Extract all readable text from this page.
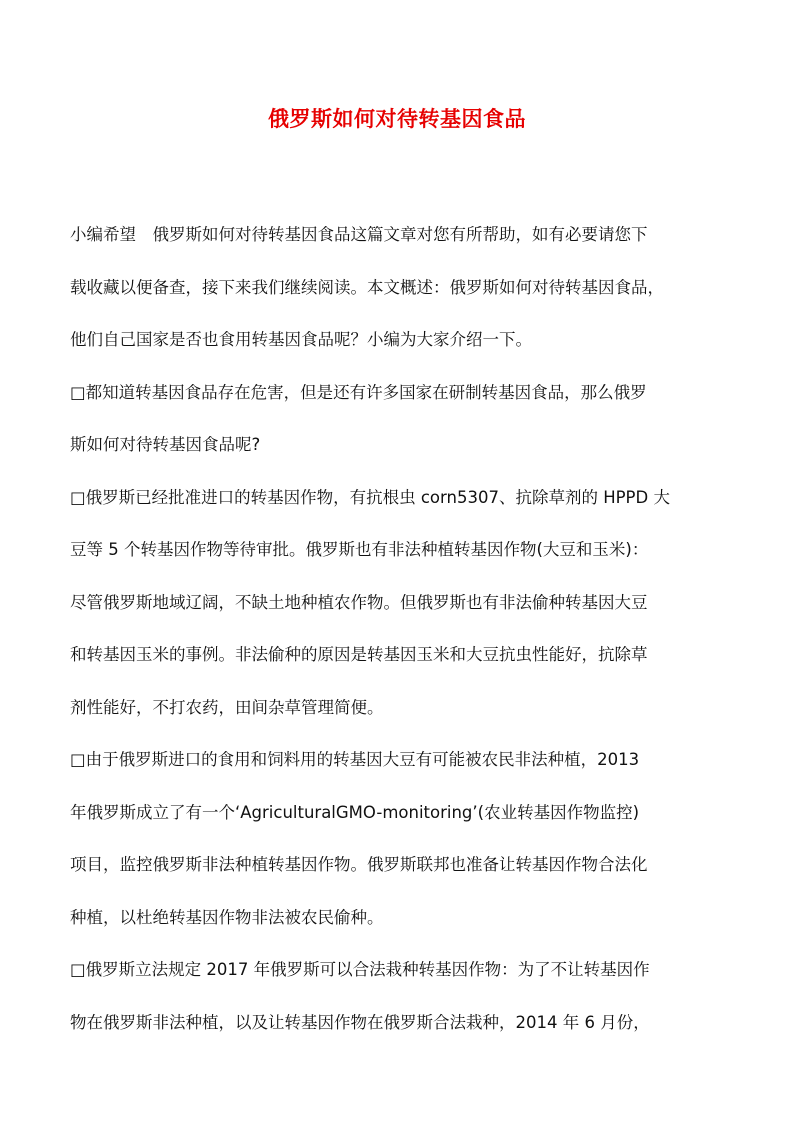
俄罗斯如何对待转基因食品
小编希望　俄罗斯如何对待转基因食品这篇文章对您有所帮助，如有必要请您下
载收藏以便备查，接下来我们继续阅读。本文概述：俄罗斯如何对待转基因食品，
他们自己国家是否也食用转基因食品呢？小编为大家介绍一下。
□都知道转基因食品存在危害，但是还有许多国家在研制转基因食品，那么俄罗
斯如何对待转基因食品呢?
□俄罗斯已经批准进口的转基因作物，有抗根虫 corn5307、抗除草剂的 HPPD 大
豆等 5 个转基因作物等待审批。俄罗斯也有非法种植转基因作物(大豆和玉米)：
尽管俄罗斯地域辽阔，不缺土地种植农作物。但俄罗斯也有非法偷种转基因大豆
和转基因玉米的事例。非法偷种的原因是转基因玉米和大豆抗虫性能好，抗除草
剂性能好，不打农药，田间杂草管理简便。
□由于俄罗斯进口的食用和饲料用的转基因大豆有可能被农民非法种植，2013
年俄罗斯成立了有一个‘AgriculturalGMO-monitoring’(农业转基因作物监控)
项目，监控俄罗斯非法种植转基因作物。俄罗斯联邦也准备让转基因作物合法化
种植，以杜绝转基因作物非法被农民偷种。
□俄罗斯立法规定 2017 年俄罗斯可以合法栽种转基因作物：为了不让转基因作
物在俄罗斯非法种植，以及让转基因作物在俄罗斯合法栽种，2014 年 6 月份，
